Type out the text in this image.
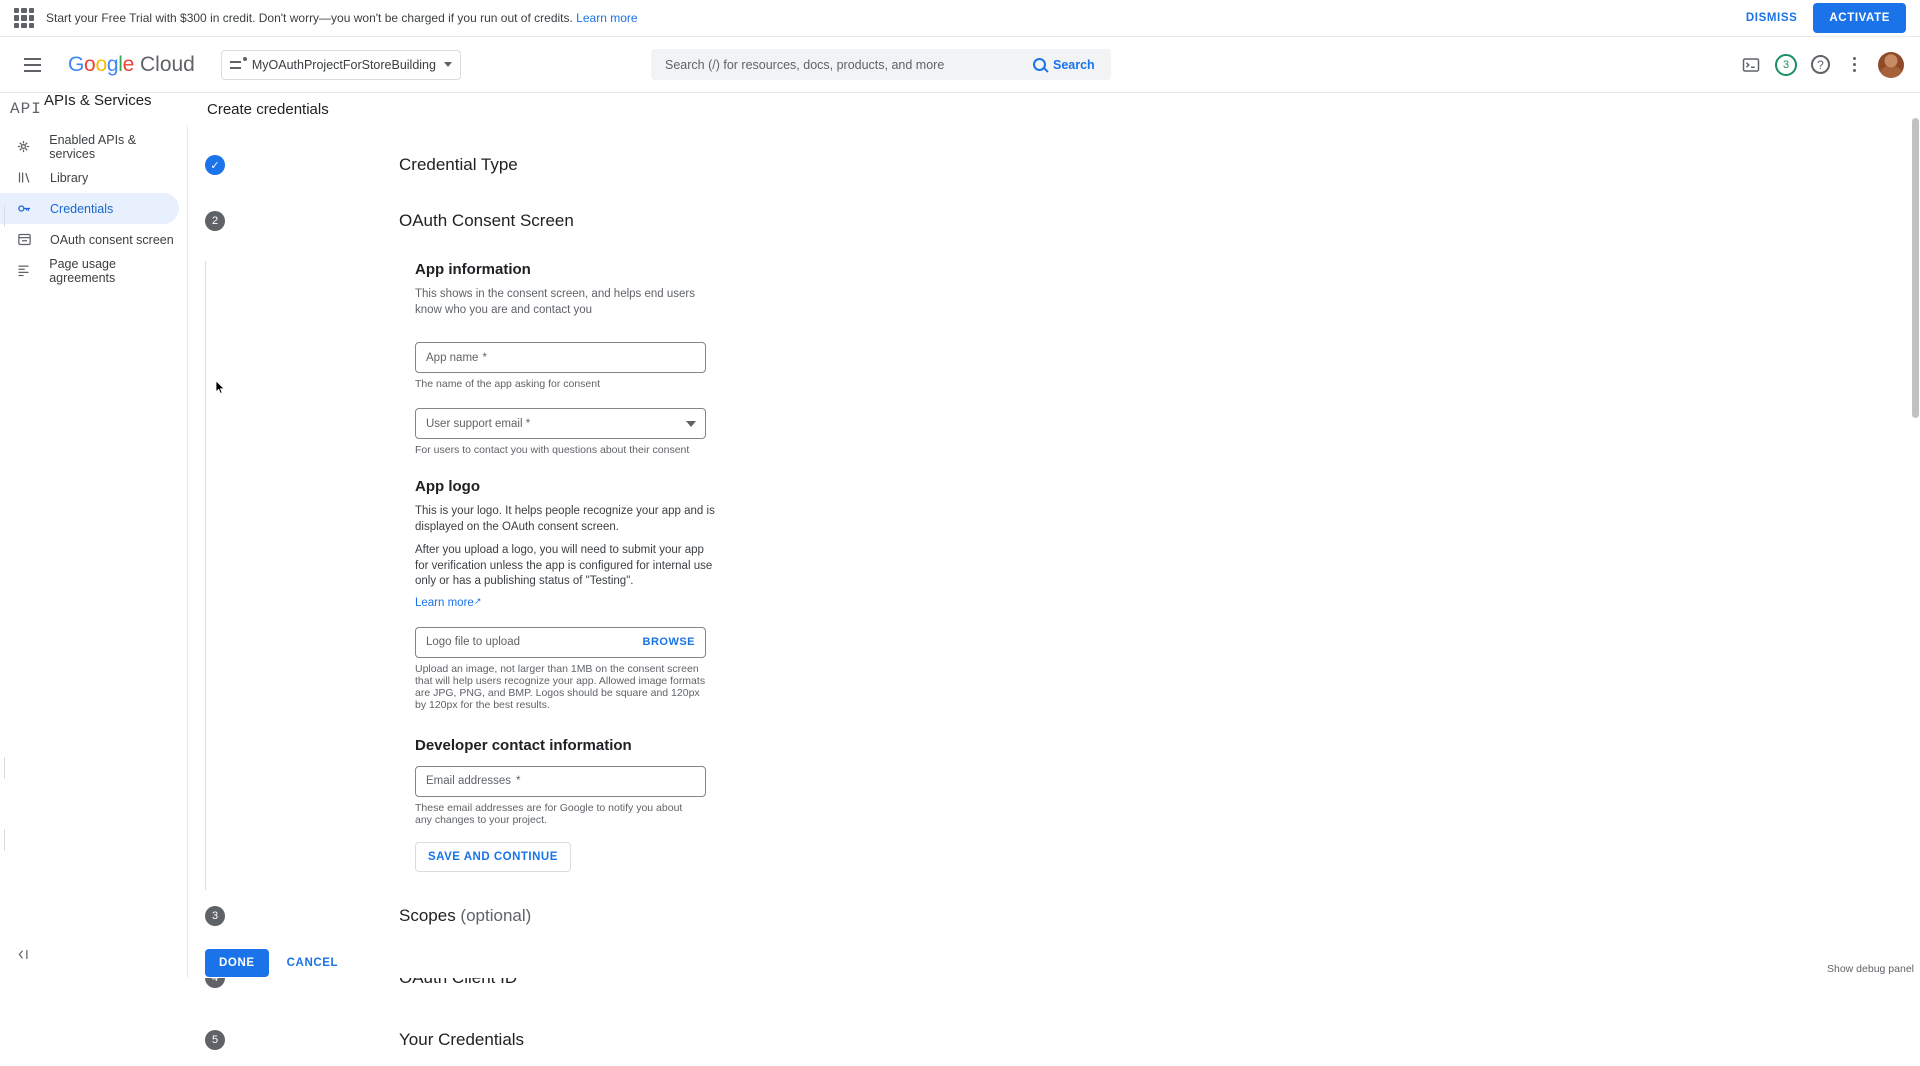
Start your Free Trial with $300 in credit. Don't worry—you won't be charged if you run out of credits. Learn more	DISMISS	ACTIVATE
Google Cloud	MyOAuthProjectForStoreBuilding
Search (/) for resources, docs, products, and more	Search	3	?
API	Create credentials
APIs & Services
Enabled APIs & services
Library
Credentials
OAuth consent screen
Page usage agreements
✓	Credential Type
2	OAuth Consent Screen
App information
This shows in the consent screen, and helps end users know who you are and contact you
App name *
The name of the app asking for consent
User support email *
For users to contact you with questions about their consent
App logo
This is your logo. It helps people recognize your app and is displayed on the OAuth consent screen.
After you upload a logo, you will need to submit your app for verification unless the app is configured for internal use only or has a publishing status of "Testing".
Learn more↗
Logo file to upload	BROWSE
Upload an image, not larger than 1MB on the consent screen that will help users recognize your app. Allowed image formats are JPG, PNG, and BMP. Logos should be square and 120px by 120px for the best results.
Developer contact information
Email addresses *
These email addresses are for Google to notify you about any changes to your project.
SAVE AND CONTINUE
3	Scopes (optional)
5	Your Credentials
DONE	CANCEL	Show debug panel
